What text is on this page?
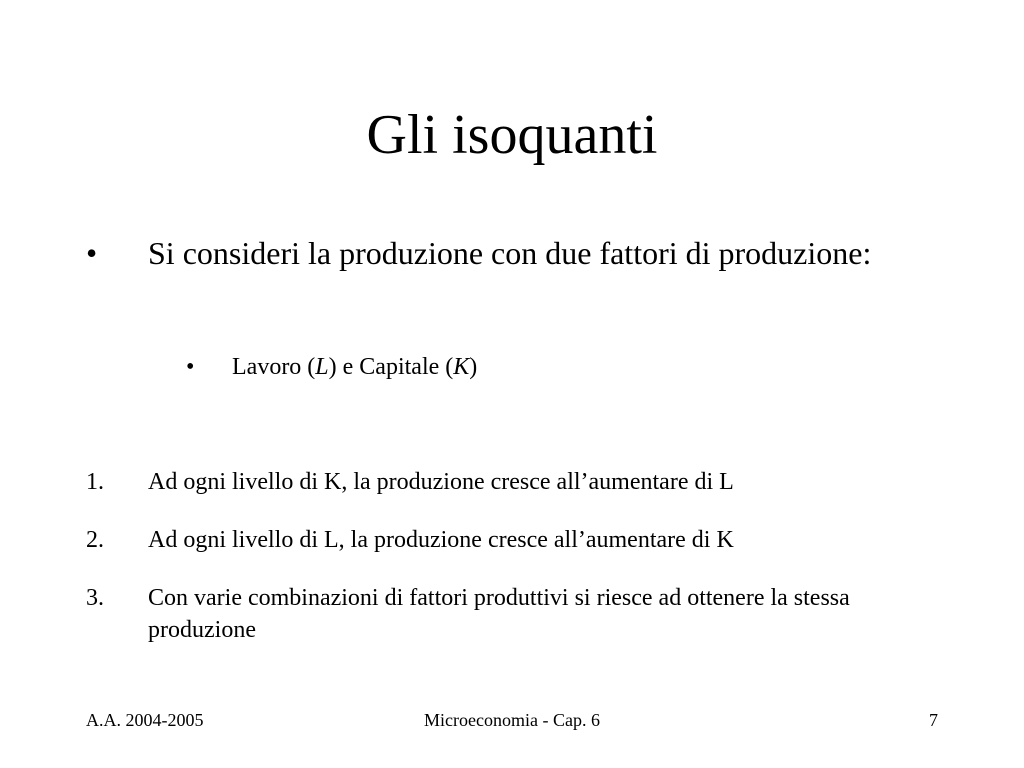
Gli isoquanti
• Si consideri la produzione con due fattori di produzione:
• Lavoro (L) e Capitale (K)
1. Ad ogni livello di K, la produzione cresce all’aumentare di L
2. Ad ogni livello di L, la produzione cresce all’aumentare di K
3. Con varie combinazioni di fattori produttivi si riesce ad ottenere la stessa produzione
A.A. 2004-2005	Microeconomia - Cap. 6	7
